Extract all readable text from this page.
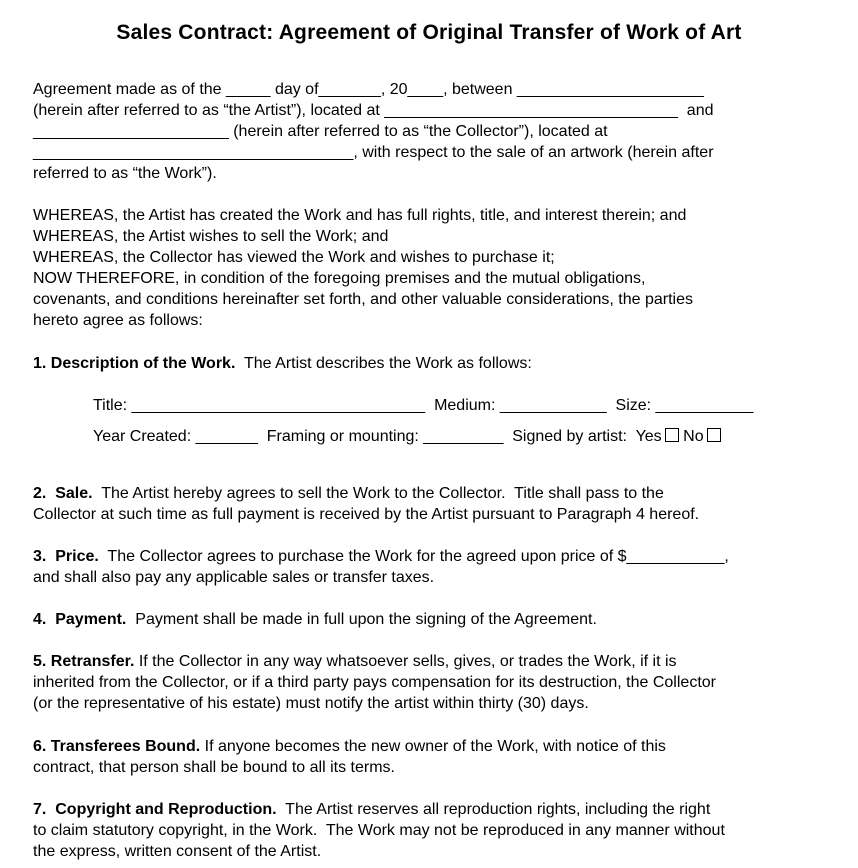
Sales Contract: Agreement of Original Transfer of Work of Art
Agreement made as of the _____ day of_______, 20____, between _____________________
(herein after referred to as “the Artist”), located at _________________________________  and
______________________ (herein after referred to as “the Collector”), located at
____________________________________, with respect to the sale of an artwork (herein after
referred to as “the Work”).
WHEREAS, the Artist has created the Work and has full rights, title, and interest therein; and
WHEREAS, the Artist wishes to sell the Work; and
WHEREAS, the Collector has viewed the Work and wishes to purchase it;
NOW THEREFORE, in condition of the foregoing premises and the mutual obligations,
covenants, and conditions hereinafter set forth, and other valuable considerations, the parties
hereto agree as follows:
1. Description of the Work.  The Artist describes the Work as follows:
Title: _________________________________  Medium: ____________  Size: ___________
Year Created: _______  Framing or mounting: _________  Signed by artist:  Yes No
2.  Sale.  The Artist hereby agrees to sell the Work to the Collector.  Title shall pass to the
Collector at such time as full payment is received by the Artist pursuant to Paragraph 4 hereof.
3.  Price.  The Collector agrees to purchase the Work for the agreed upon price of $___________,
and shall also pay any applicable sales or transfer taxes.
4.  Payment.  Payment shall be made in full upon the signing of the Agreement.
5. Retransfer. If the Collector in any way whatsoever sells, gives, or trades the Work, if it is
inherited from the Collector, or if a third party pays compensation for its destruction, the Collector
(or the representative of his estate) must notify the artist within thirty (30) days.
6. Transferees Bound. If anyone becomes the new owner of the Work, with notice of this
contract, that person shall be bound to all its terms.
7.  Copyright and Reproduction.  The Artist reserves all reproduction rights, including the right
to claim statutory copyright, in the Work.  The Work may not be reproduced in any manner without
the express, written consent of the Artist.
